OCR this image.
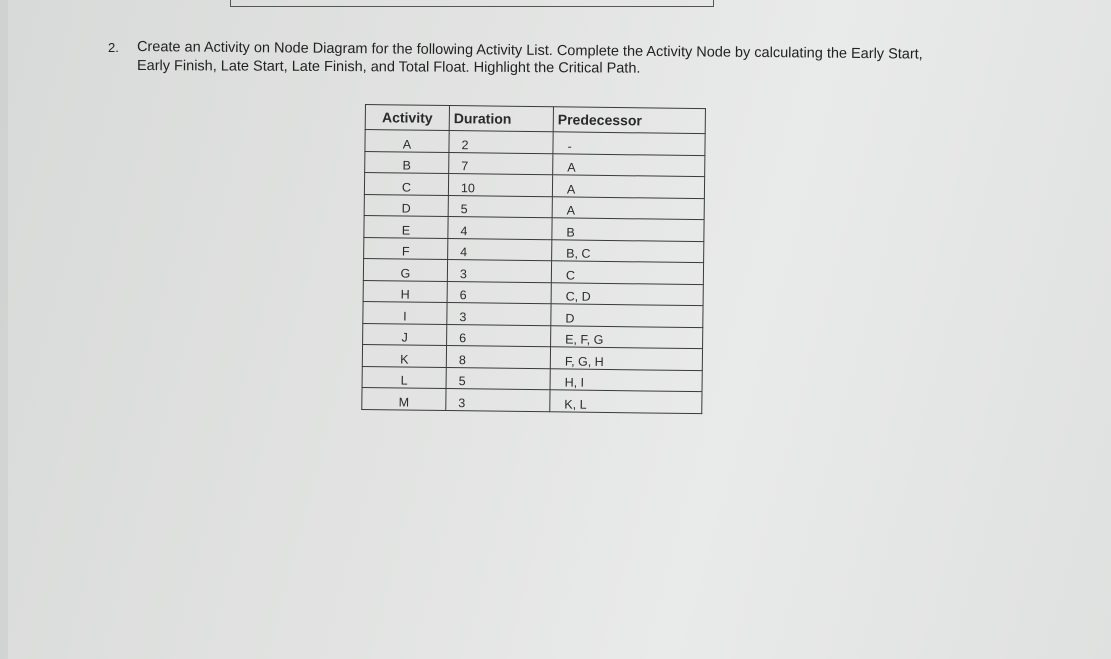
2. Create an Activity on Node Diagram for the following Activity List. Complete the Activity Node by calculating the Early Start,
Early Finish, Late Start, Late Finish, and Total Float. Highlight the Critical Path.
Activity	Duration	Predecessor
A	2	-
B	7	A
C	10	A
D	5	A
E	4	B
F	4	B, C
G	3	C
H	6	C, D
I	3	D
J	6	E, F, G
K	8	F, G, H
L	5	H, I
M	3	K, L
